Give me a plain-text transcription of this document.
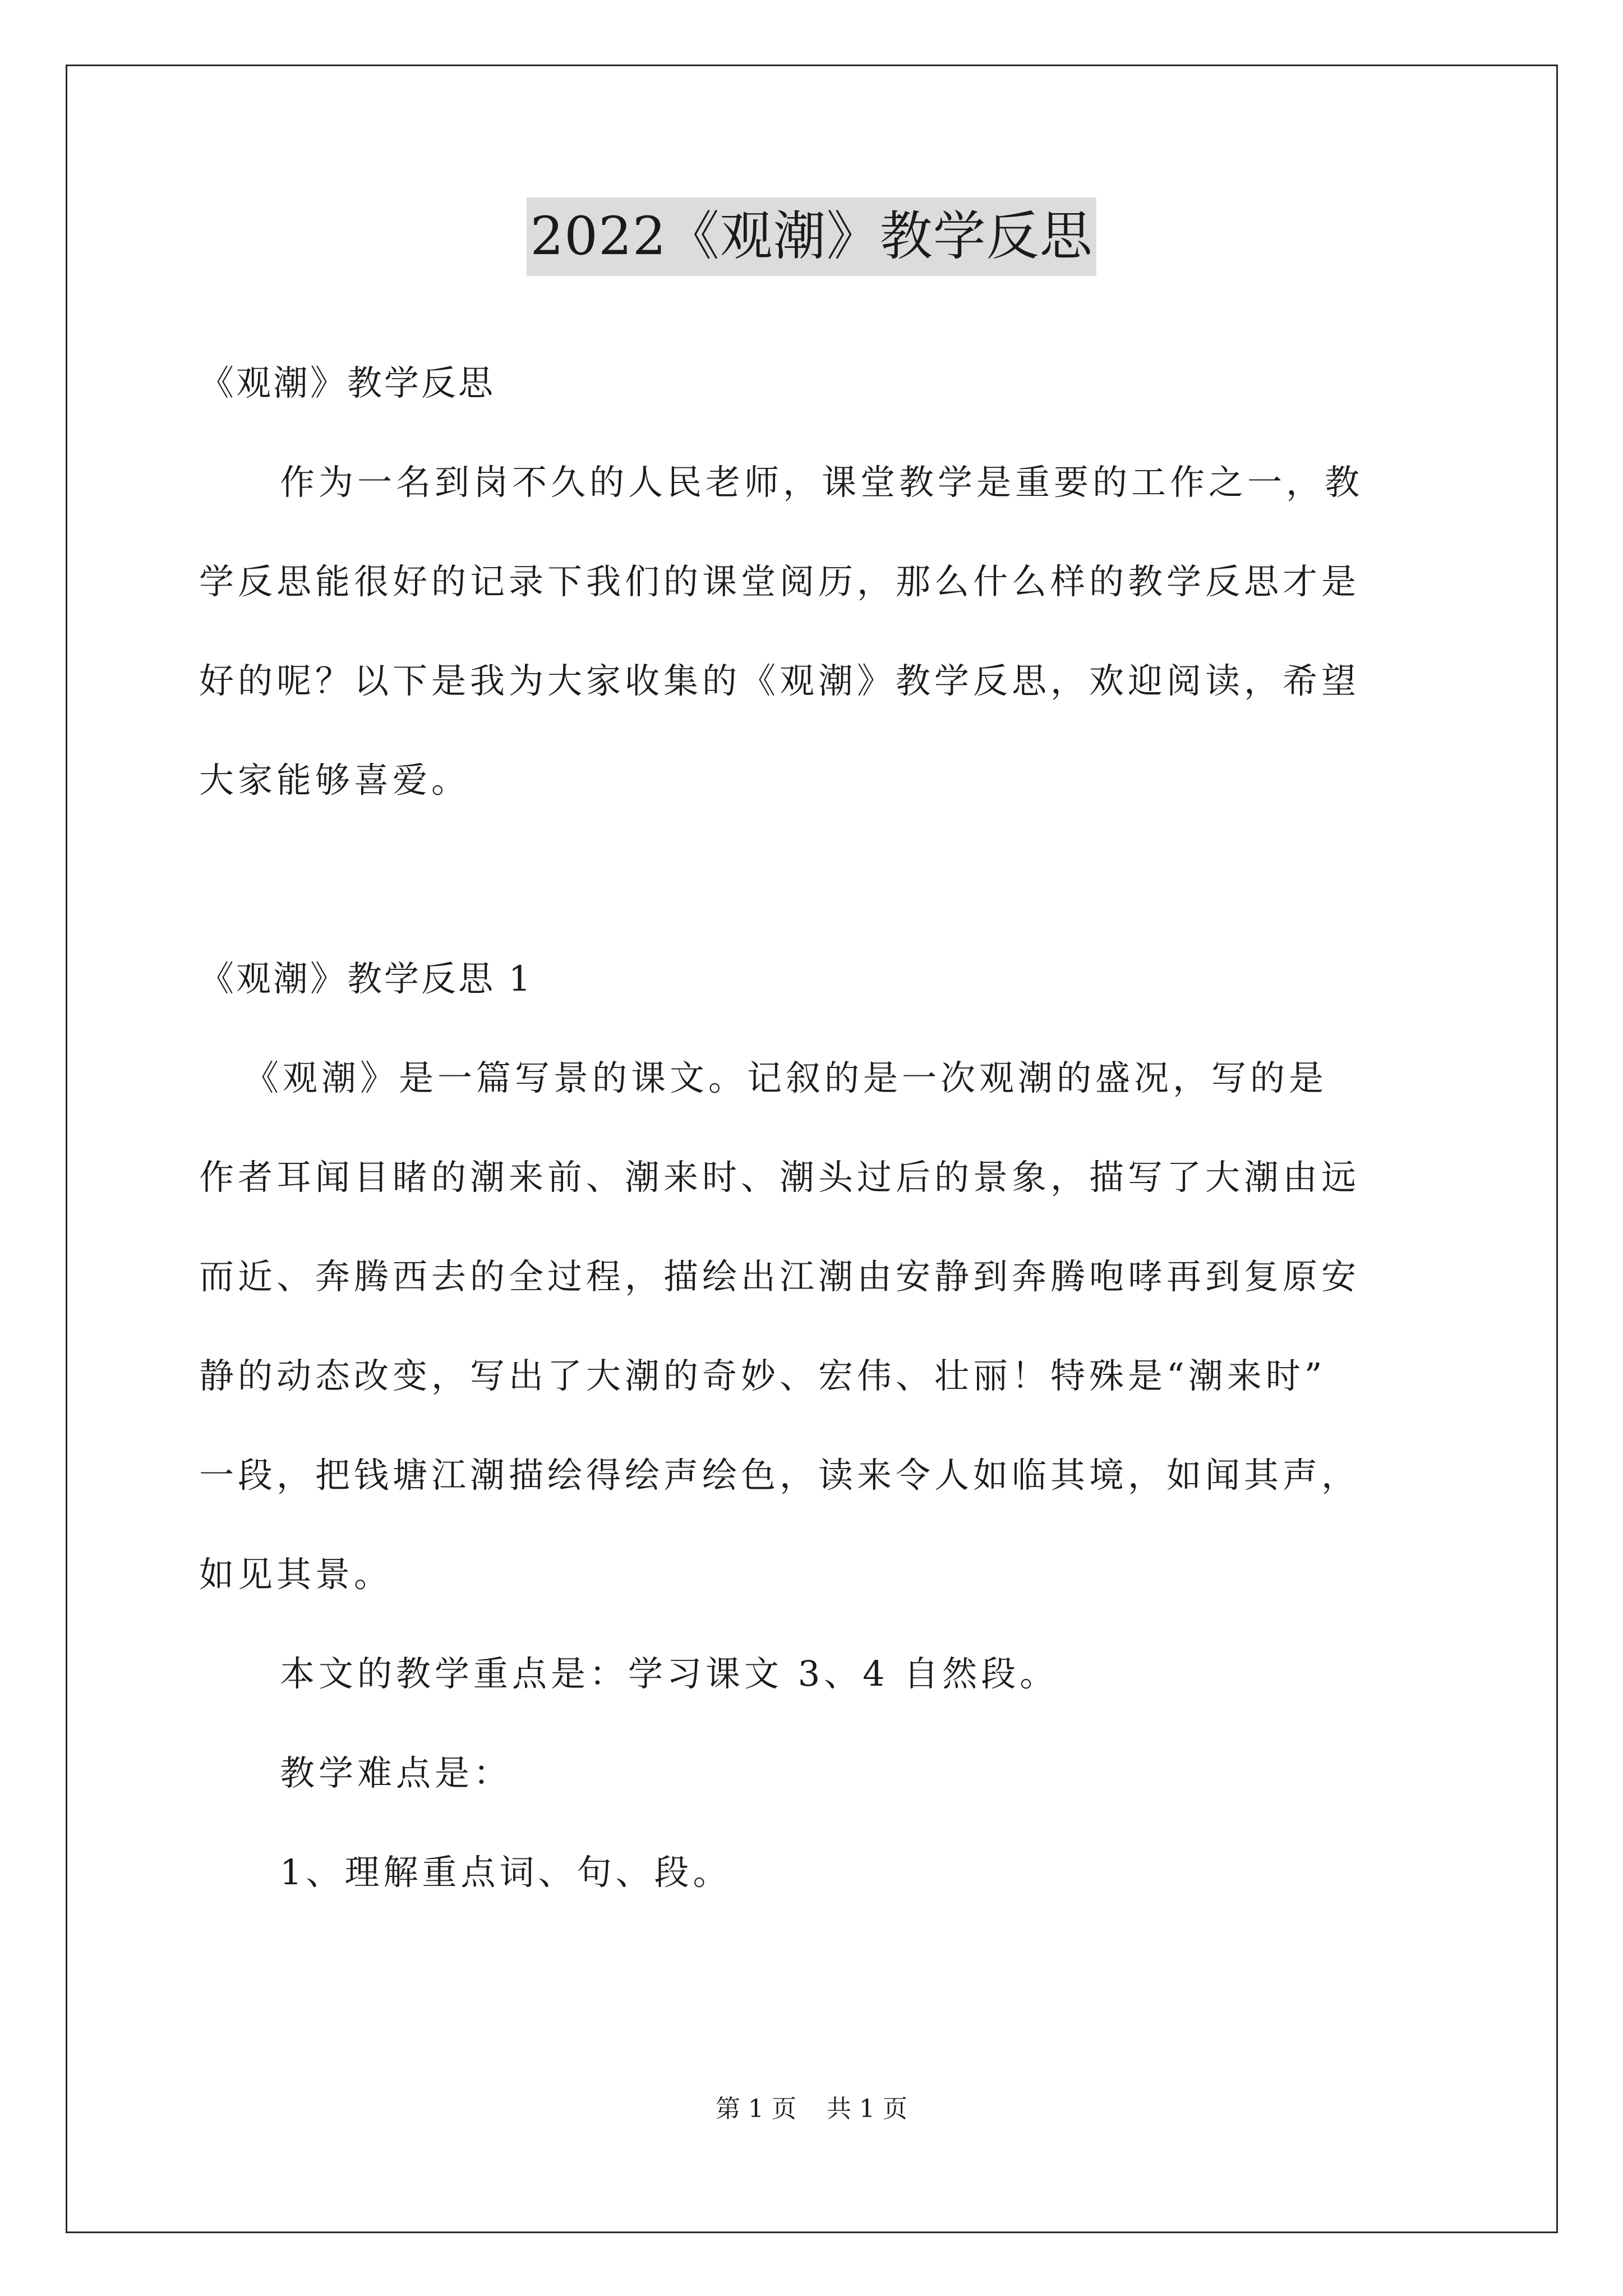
2022《观潮》教学反思
《观潮》教学反思
作为一名到岗不久的人民老师，课堂教学是重要的工作之一，教
学反思能很好的记录下我们的课堂阅历，那么什么样的教学反思才是
好的呢？以下是我为大家收集的《观潮》教学反思，欢迎阅读，希望
大家能够喜爱。
《观潮》教学反思 1
《观潮》是一篇写景的课文。记叙的是一次观潮的盛况，写的是
作者耳闻目睹的潮来前、潮来时、潮头过后的景象，描写了大潮由远
而近、奔腾西去的全过程，描绘出江潮由安静到奔腾咆哮再到复原安
静的动态改变，写出了大潮的奇妙、宏伟、壮丽！特殊是“潮来时”
一段，把钱塘江潮描绘得绘声绘色，读来令人如临其境，如闻其声，
如见其景。
本文的教学重点是：学习课文 3、4 自然段。
教学难点是：
1、理解重点词、句、段。
第 1 页 共 1 页
